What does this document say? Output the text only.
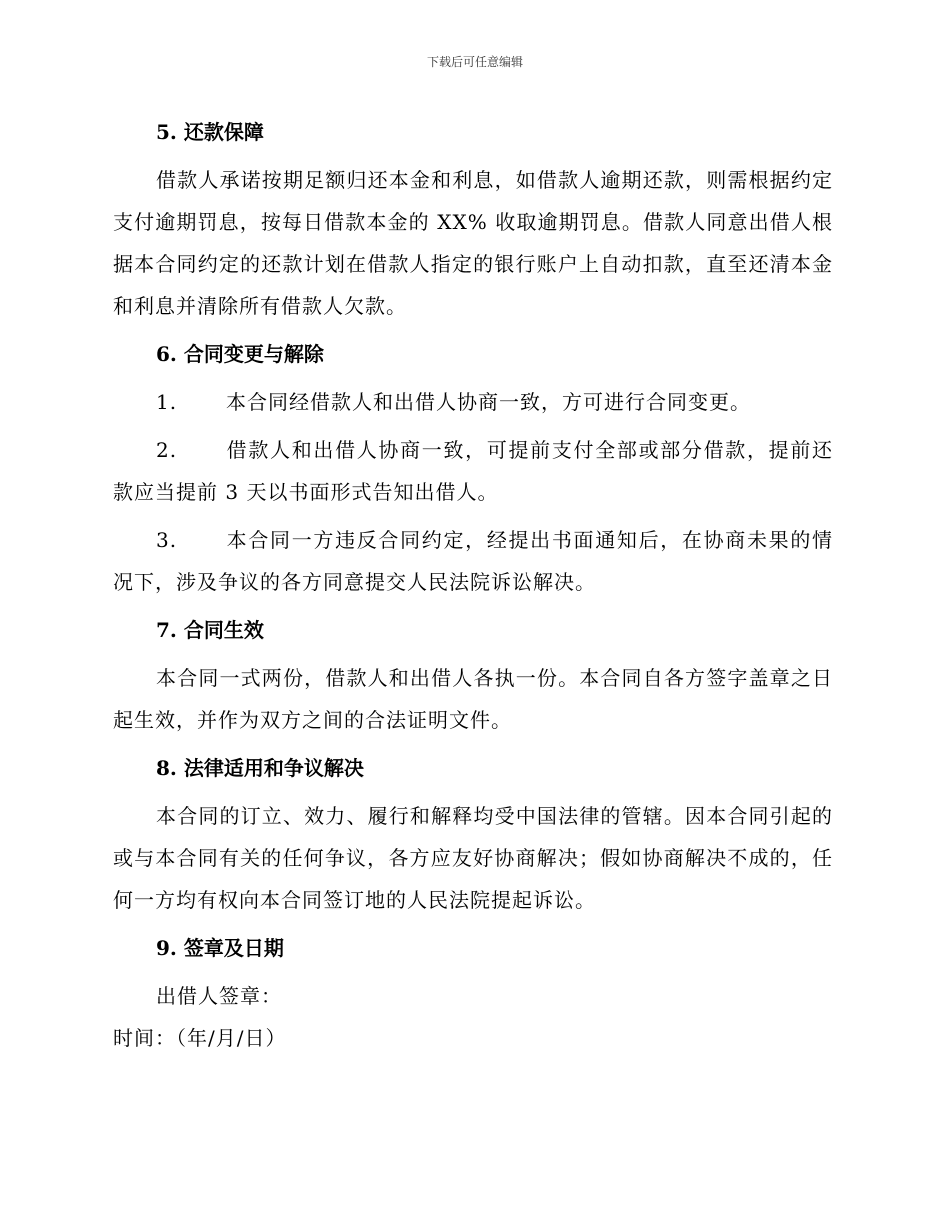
下载后可任意编辑
5. 还款保障
借款人承诺按期足额归还本金和利息，如借款人逾期还款，则需根据约定支付逾期罚息，按每日借款本金的 XX% 收取逾期罚息。借款人同意出借人根据本合同约定的还款计划在借款人指定的银行账户上自动扣款，直至还清本金和利息并清除所有借款人欠款。
6. 合同变更与解除
1. 本合同经借款人和出借人协商一致，方可进行合同变更。
2. 借款人和出借人协商一致，可提前支付全部或部分借款，提前还款应当提前 3 天以书面形式告知出借人。
3. 本合同一方违反合同约定，经提出书面通知后，在协商未果的情况下，涉及争议的各方同意提交人民法院诉讼解决。
7. 合同生效
本合同一式两份，借款人和出借人各执一份。本合同自各方签字盖章之日起生效，并作为双方之间的合法证明文件。
8. 法律适用和争议解决
本合同的订立、效力、履行和解释均受中国法律的管辖。因本合同引起的或与本合同有关的任何争议，各方应友好协商解决；假如协商解决不成的，任何一方均有权向本合同签订地的人民法院提起诉讼。
9. 签章及日期
出借人签章：
时间：（年/月/日）
